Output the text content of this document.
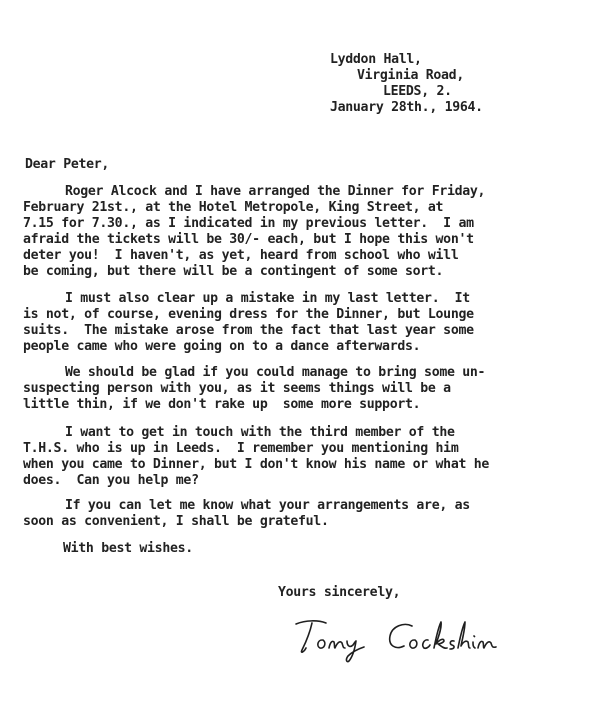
Lyddon Hall,
Virginia Road,
LEEDS, 2.
January 28th., 1964.
Dear Peter,
Roger Alcock and I have arranged the Dinner for Friday,
February 21st., at the Hotel Metropole, King Street, at
7.15 for 7.30., as I indicated in my previous letter.  I am
afraid the tickets will be 30/- each, but I hope this won't
deter you!  I haven't, as yet, heard from school who will
be coming, but there will be a contingent of some sort.
I must also clear up a mistake in my last letter.  It
is not, of course, evening dress for the Dinner, but Lounge
suits.  The mistake arose from the fact that last year some
people came who were going on to a dance afterwards.
We should be glad if you could manage to bring some un-
suspecting person with you, as it seems things will be a
little thin, if we don't rake up  some more support.
I want to get in touch with the third member of the
T.H.S. who is up in Leeds.  I remember you mentioning him
when you came to Dinner, but I don't know his name or what he
does.  Can you help me?
If you can let me know what your arrangements are, as
soon as convenient, I shall be grateful.
With best wishes.
Yours sincerely,
